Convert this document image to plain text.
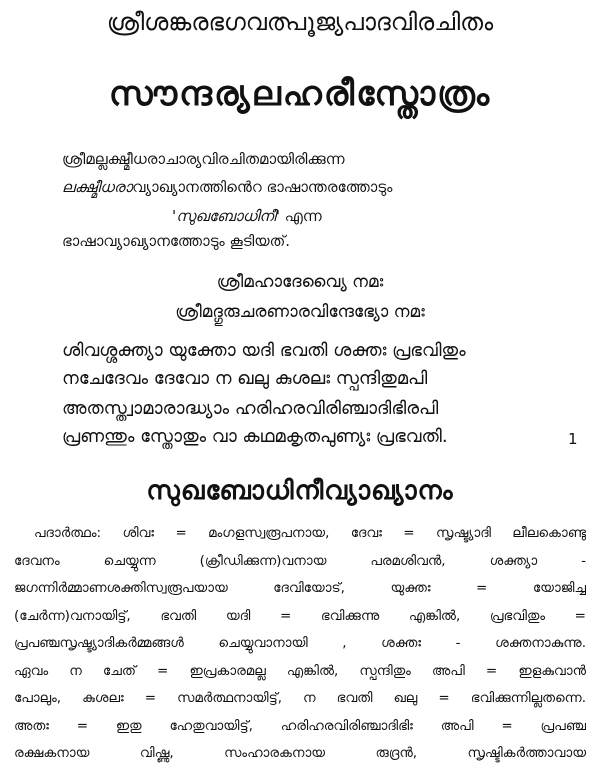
ശ്രീശങ്കരഭഗവത്പൂജ്യപാദവിരചിതം
സൗന്ദര്യലഹരീസ്തോത്രം
ശ്രീമല്ലക്ഷ്മീധരാചാര്യവിരചിതമായിരിക്കുന്ന
ലക്ഷ്മീധരാവ്യാഖ്യാനത്തിൻെറ ഭാഷാന്തരത്തോടും
'സുഖബോധിനീ' എന്ന
ഭാഷാവ്യാഖ്യാനത്തോടും കൂടിയത്.
ശ്രീമഹാദേവ്യൈ നമഃ
ശ്രീമദ്ഗുരുചരണാരവിന്ദേഭ്യോ നമഃ
ശിവശ്ശക്ത്യാ യുക്തോ യദി ഭവതി ശക്തഃ പ്രഭവിതും
നചേദേവം ദേവോ ന ഖലു കുശലഃ സ്പന്ദിതുമപി
അതസ്ത്വാമാരാദ്ധ്യാം ഹരിഹരവിരിഞ്ചാദിഭിരപി
പ്രണന്തും സ്തോതും വാ കഥമകൃതപുണ്യഃ പ്രഭവതി.	1
സുഖബോധിനീവ്യാഖ്യാനം
പദാർത്ഥം: ശിവഃ = മംഗളസ്വരൂപനായ, ദേവഃ = സൃഷ്ട്യാദി ലീലകൊണ്ടു
ദേവനം ചെയ്യുന്ന (ക്രീഡിക്കുന്ന)വനായ പരമശിവൻ, ശക്ത്യാ -
ജഗന്നിർമ്മാണശക്തിസ്വരൂപയായ ദേവിയോട്, യുക്തഃ = യോജിച്ച
(ചേർന്ന)വനായിട്ട്, ഭവതി യദി = ഭവിക്കുന്നു എങ്കിൽ, പ്രഭവിതും =
പ്രപഞ്ചസൃഷ്ട്യാദികർമ്മങ്ങൾ ചെയ്യുവാനായി , ശക്തഃ - ശക്തനാകുന്നു.
ഏവം ന ചേത് = ഇപ്രകാരമല്ല എങ്കിൽ, സ്പന്ദിതും അപി = ഇളകുവാൻ
പോലും, കുശലഃ = സമർത്ഥനായിട്ട്, ന ഭവതി ഖലു = ഭവിക്കുന്നില്ലതന്നെ.
അതഃ = ഇതു ഹേതുവായിട്ട്, ഹരിഹരവിരിഞ്ചാദിഭിഃ അപി = പ്രപഞ്ച
രക്ഷകനായ വിഷ്ണു, സംഹാരകനായ രുദ്രൻ, സൃഷ്ടികർത്താവായ
